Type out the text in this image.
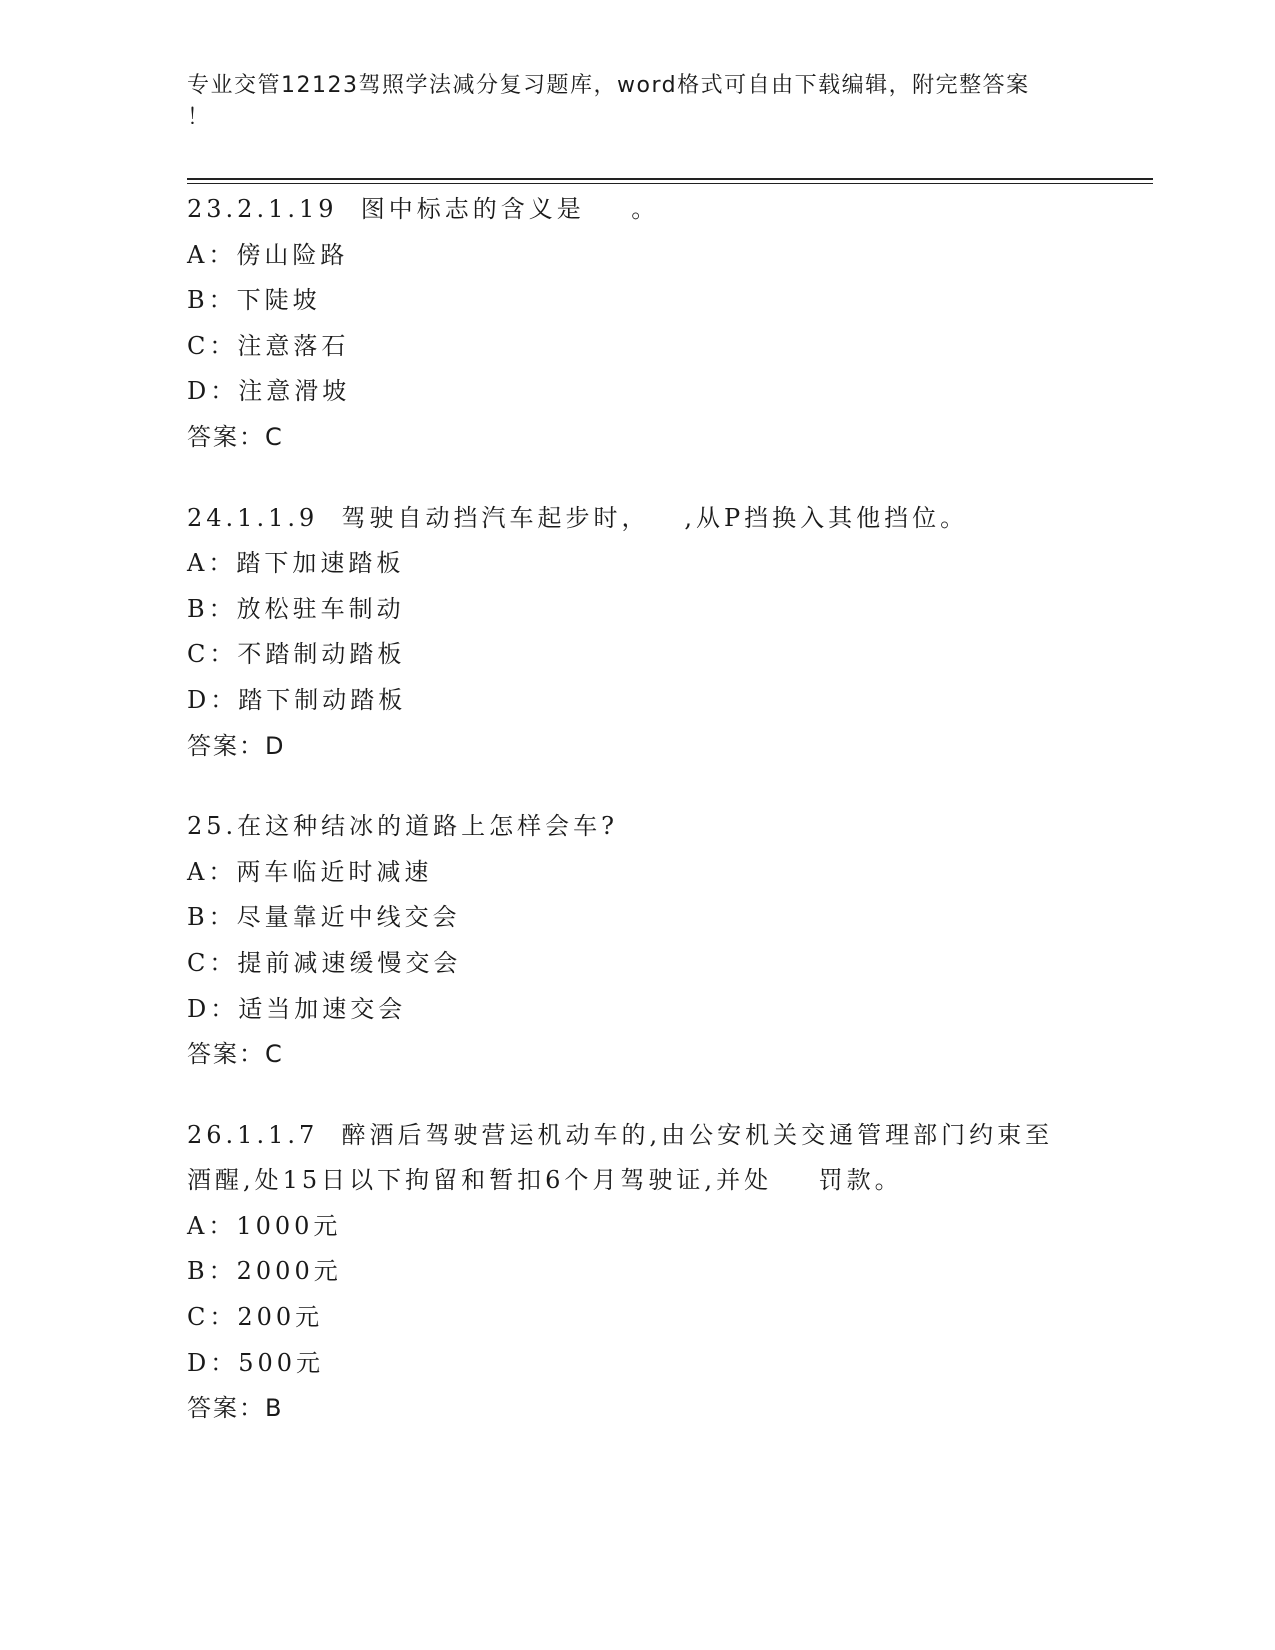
专业交管12123驾照学法减分复习题库，word格式可自由下载编辑，附完整答案
！
23.2.1.19  图中标志的含义是    。
A：傍山险路
B：下陡坡
C：注意落石
D：注意滑坡
答案：C
24.1.1.9  驾驶自动挡汽车起步时，   ,从P挡换入其他挡位。
A：踏下加速踏板
B：放松驻车制动
C：不踏制动踏板
D：踏下制动踏板
答案：D
25.在这种结冰的道路上怎样会车?
A：两车临近时减速
B：尽量靠近中线交会
C：提前减速缓慢交会
D：适当加速交会
答案：C
26.1.1.7  醉酒后驾驶营运机动车的,由公安机关交通管理部门约束至
酒醒,处15日以下拘留和暂扣6个月驾驶证,并处    罚款。
A：1000元
B：2000元
C：200元
D：500元
答案：B
